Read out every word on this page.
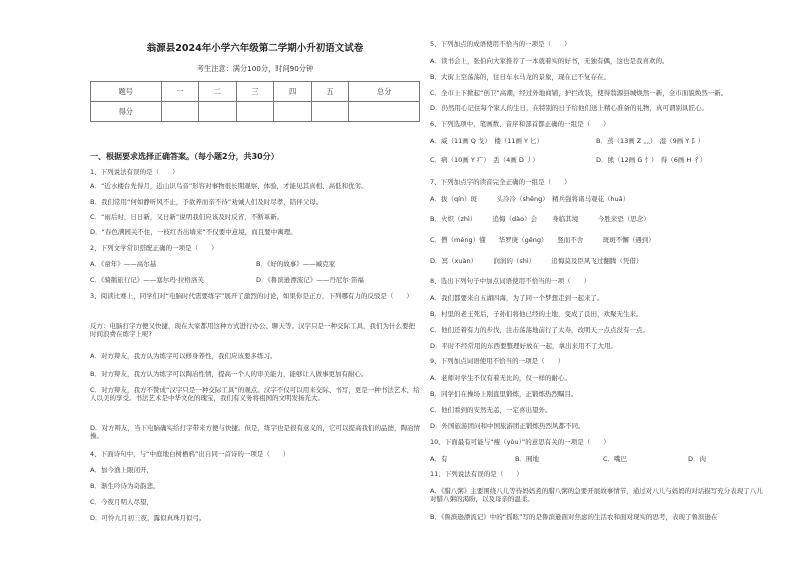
翁源县2024年小学六年级第二学期小升初语文试卷
考生注意：满分100分，时间90分钟
题号	一	二	三	四	五	总分
得分						
一、根据要求选择正确答案。（每小题2分，共30分）
1、下列说法有误的是（　　）
A．“近水楼台先得月，近山识鸟音”形容对事物很长期观察、体验，才能见其真相、高低和优劣。
B．我们常用“何如静听风不止，予欲养而亲不待”劝诫人们及时尽孝，陪伴父母。
C．“雨后时，日日新，又日新”说明我们应该及时反省，不断革新。
D．“春色满园关不住，一枝红杏出墙来”不仅要中意境，而且要中寓理。
2、下列文学常识搭配正确的一项是（　　）
A．《童年》——高尔基	B．《好的故事》——臧克家
C．《骑鹅旅行记》——塞尔玛·拉格洛芙	D．《鲁滨逊漂流记》——丹尼尔·笛福
3、阅读比赛上，同学们对“电脑时代需要练字”展开了激烈的讨论，如果你是正方，下列哪有力的反驳是（　　）
反方：电脑打字方便又快捷，现在大家都用这种方式进行办公、聊天等。汉字只是一种交际工具，我们为什么要把时间浪费在练字上呢?
A．对方辩友，我方认为练字可以修身养性，我们应该要多练习。
B．对方辩友，我方认为练字可以陶冶性情，提高一个人的审美能力，能够让人做事更加有耐心。
C．对方辩友，我方不赞成“汉字只是一种交际工具”的观点。汉字不仅可以用来交际、书写，更是一种书法艺术，给人以美的享受。书法艺术是中华文化的瑰宝，我们有义务将祖国的文明发扬光大。
D．对方辩友，当下电脑确实给打字带来方便与快捷。但是，练字也是很有意义的，它可以提高我们的品德，陶冶情操。
4、下面诗句中，与“中庭地白树栖鸦”出自同一首诗的一项是（　　）
A．加今渔上眼闭开，
B．渐生吟诗为奇韵悲，
C．今夜月明人尽望，
D．可怜九月初三夜，露似真珠月似弓。
5、下列加点的成语使用不恰当的一项是（　　）
A．读书会上，张伯向大家推荐了一本就着实的好书，无独有偶，这也是我喜欢的。
B．大街上空荡荡的，往日车水马龙的景象，现在已不复存在。
C．全市上下掀起“创卫”高潮，经过外地商铺，护拦改装，使得翁源县城焕然一新，全市面貌焕然一新。
D．仍然用心记住每个家人的生日，在特别的日子给他们送上精心准备的礼物，真可谓别具匠心。
6、下列选项中，笔画数、音序和部首都正确的一组是（　　）
A．威（11画 Q 戈）　楼（11画 Y 匕）	B．蒸（13画 Z 灬）　湿（9画 Y 阝）
C．病（10画 Y 疒）　丢（4画 D 丿）	D．熊（12画 G 忄）　得（6画 H 彳）
7、下列加点字的读音完全正确的一组是（　　）
A．拔（qín）斑　　　头冷冷（shēng）　精兵强将诸马观花（huā）
B．火炽（zhì）　　　追悔（dào）会　　 身临其境　　　今胜来恐（思念）
C．僧（méng）懂　　华罗庚（gēng）　　竖而不舍　　　斑斑不懈（遇到）
D．冥（xuàn）　　　润润的（shì）　　　追悔莫及臣风飞过翻腾（凭借）
8、选出下列句子中加点词语使用不恰当的一项（　　）
A．我们都要来自五湖四海，为了同一个梦想走到一起来了。
B．村里的老王死后，子孙们将他已经的土地，变成了良田，欢聚无生来。
C．他们还着有力的步伐，注击荡荡地前行了太寿，改明天一点点没有一点。
D．平时不经常用的东西要整理好放在一起，拿出来用不了大用。
9、下列加点词语使用不恰当的一项是（　　）
A．老师对学生不仅有着无比的，仅一样的耐心。
B．同学们在操场上刚直里锻炼，正锻炼热烈瞩目。
C．他们看到的安然无恙，一定喜出望外。
D．外国旅游团问和中国旅游团正锻炼热烈风都不同。
10、下面最有可能与“瘦（yòu）”的意思有关的一项是（　　）
A．有	B．囿地	C．嘴巴	D．肉
11、下列说法有误的是（　　）
A．《腊八粥》主要围绕八儿等待妈妈煮的腊八粥的急要开展故事情节，通过对八儿与妈妈的对话描写充分表现了八儿对腊八粥的渴盼，以及母亲的温柔。
B．《鲁滨逊漂流记》中的“摇眩”写的是鲁滨逊面对焦虑的生活农和面对现实的思考，表现了鲁滨逊在
